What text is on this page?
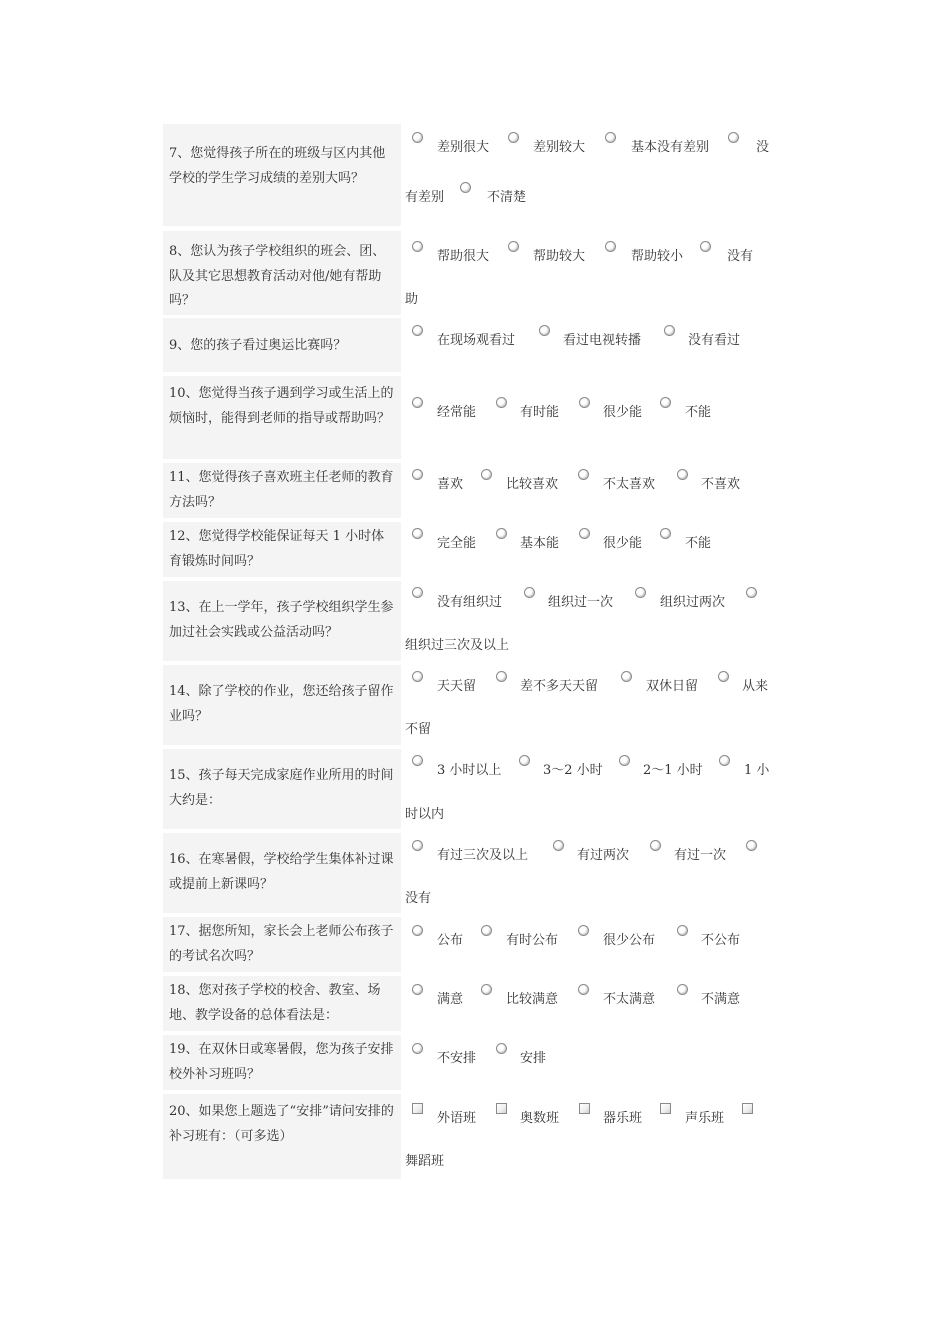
7、您觉得孩子所在的班级与区内其他学校的学生学习成绩的差别大吗？
差别很大	差别较大	基本没有差别	没
有差别	不清楚
8、您认为孩子学校组织的班会、团、队及其它思想教育活动对他/她有帮助吗？
帮助很大	帮助较大	帮助较小	没有
助
9、您的孩子看过奥运比赛吗？	在现场观看过	看过电视转播	没有看过
10、您觉得当孩子遇到学习或生活上的烦恼时，能得到老师的指导或帮助吗？	经常能	有时能	很少能	不能
11、您觉得孩子喜欢班主任老师的教育方法吗？
喜欢	比较喜欢	不太喜欢	不喜欢
12、您觉得学校能保证每天 1 小时体育锻炼时间吗？
完全能	基本能	很少能	不能
13、在上一学年，孩子学校组织学生参加过社会实践或公益活动吗？
没有组织过	组织过一次	组织过两次
组织过三次及以上
14、除了学校的作业，您还给孩子留作业吗？
天天留	差不多天天留	双休日留	从来
不留
15、孩子每天完成家庭作业所用的时间大约是：
3 小时以上	3～2 小时	2～1 小时	1 小
时以内
16、在寒暑假，学校给学生集体补过课或提前上新课吗？
有过三次及以上	有过两次	有过一次
没有
17、据您所知，家长会上老师公布孩子的考试名次吗？
公布	有时公布	很少公布	不公布
18、您对孩子学校的校舍、教室、场地、教学设备的总体看法是：
满意	比较满意	不太满意	不满意
19、在双休日或寒暑假，您为孩子安排校外补习班吗？
不安排	安排
20、如果您上题选了“安排”请问安排的补习班有：（可多选）
外语班	奥数班	器乐班	声乐班
舞蹈班
